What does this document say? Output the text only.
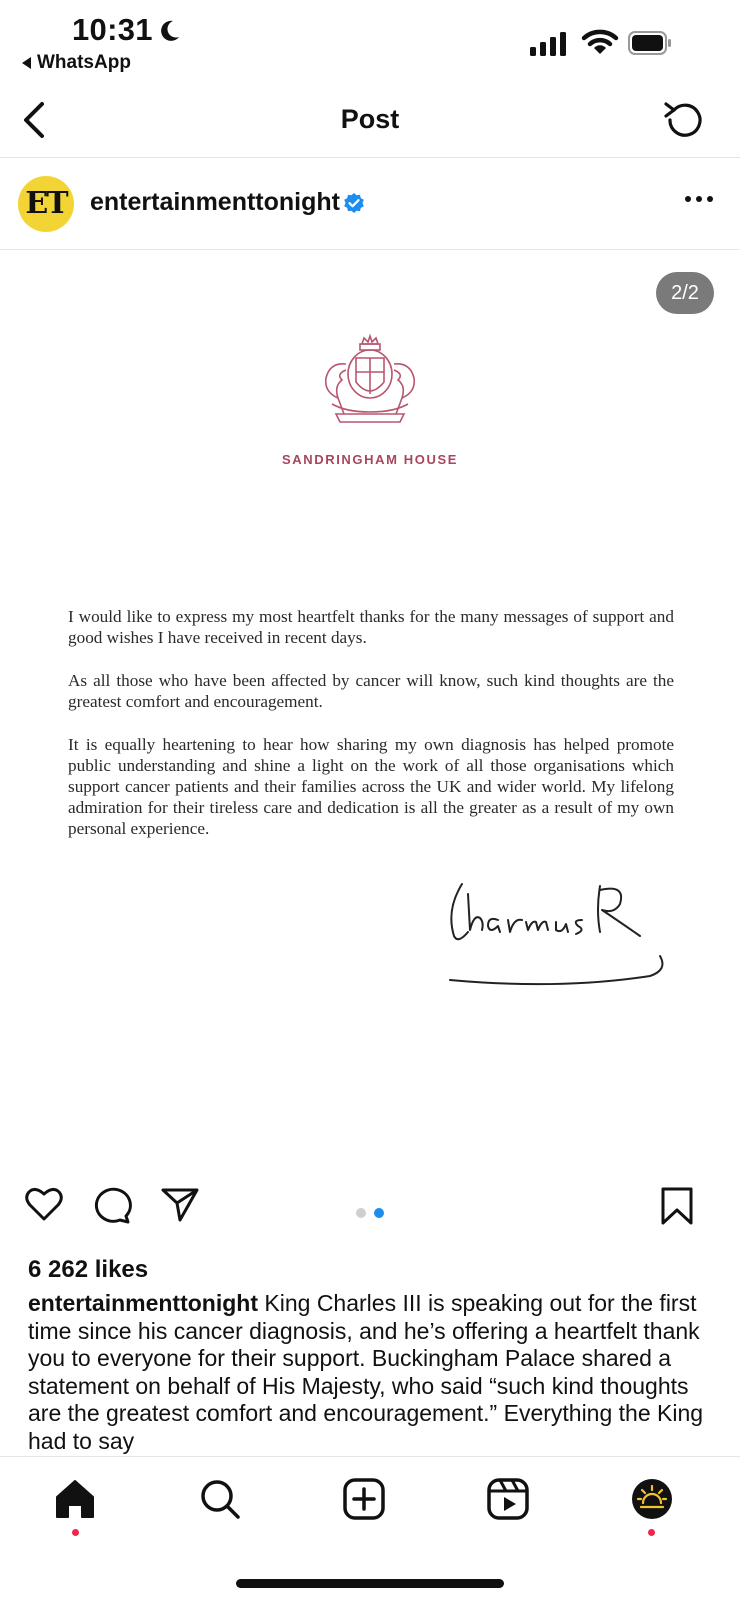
10:31
WhatsApp
Post
ET entertainmenttonight
2/2
SANDRINGHAM HOUSE

I would like to express my most heartfelt thanks for the many messages of support and good wishes I have received in recent days.

As all those who have been affected by cancer will know, such kind thoughts are the greatest comfort and encouragement.

It is equally heartening to hear how sharing my own diagnosis has helped promote public understanding and shine a light on the work of all those organisations which support cancer patients and their families across the UK and wider world. My lifelong admiration for their tireless care and dedication is all the greater as a result of my own personal experience.

6 262 likes
entertainmenttonight King Charles III is speaking out for the first time since his cancer diagnosis, and he’s offering a heartfelt thank you to everyone for their support. Buckingham Palace shared a statement on behalf of His Majesty, who said “such kind thoughts are the greatest comfort and encouragement.” Everything the King had to say
